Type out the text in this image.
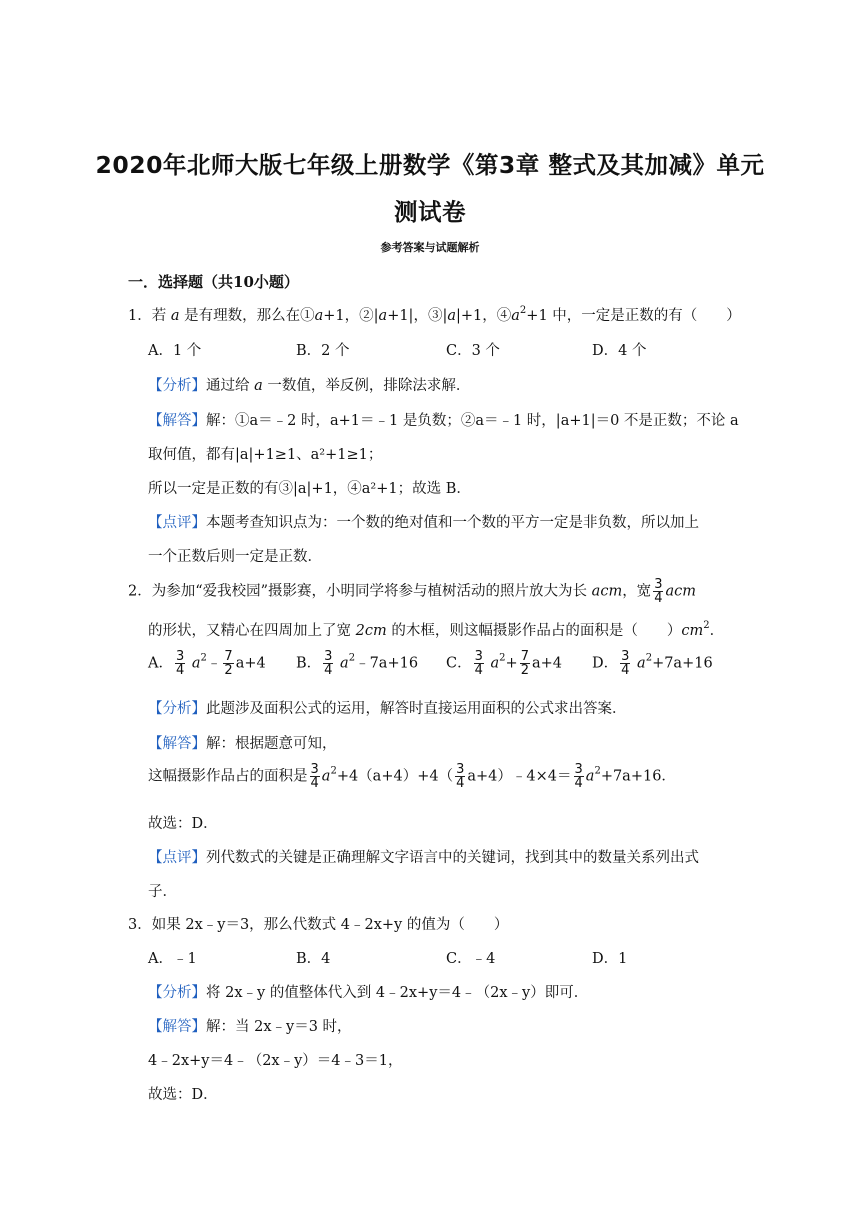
2020年北师大版七年级上册数学《第3章 整式及其加减》单元
测试卷
参考答案与试题解析
一．选择题（共10小题）
1．若 a 是有理数，那么在①a+1，②|a+1|，③|a|+1，$④a^2+1$ 中，一定是正数的有（　　）
A．1 个	B．2 个	C．3 个	D．4 个
【分析】通过给 a 一数值，举反例，排除法求解．
【解答】解：①a＝﹣2 时，a+1＝﹣1 是负数；②a＝﹣1 时，|a+1|＝0 不是正数；不论 a
取何值，都有|a|+1≥1、a²+1≥1；
所以一定是正数的有③|a|+1，④a²+1；故选 B．
【点评】本题考查知识点为：一个数的绝对值和一个数的平方一定是非负数，所以加上
一个正数后则一定是正数．
2．为参加“爱我校园”摄影赛，小明同学将参与植树活动的照片放大为长 acm，宽 $\frac{3}{4}$ acm
的形状，又精心在四周加上了宽 2cm 的木框，则这幅摄影作品占的面积是（　　）$cm^2$．
A． $\frac{3}{4}$ $a^2﹣ \frac{7}{2} a+4$ B． $\frac{3}{4}$ $a^2﹣7a+16$ C． $\frac{3}{4} a^2+ \frac{7}{2} a+4$ D． $\frac{3}{4} a^2+7a+16$
【分析】此题涉及面积公式的运用，解答时直接运用面积的公式求出答案．
【解答】解：根据题意可知，
这幅摄影作品占的面积是 $\frac{3}{4} a^2+4(a+4)+4( \frac{3}{4}$ a+4）﹣4×4＝ $\frac{3}{4} a^2+7a+16$．
故选：D．
【点评】列代数式的关键是正确理解文字语言中的关键词，找到其中的数量关系列出式
子．
3．如果 2x﹣y＝3，那么代数式 4﹣2x+y 的值为（　　）
A．﹣1	B．4	C．﹣4	D．1
【分析】将 2x﹣y 的值整体代入到 4﹣2x+y＝4﹣（2x﹣y）即可．
【解答】解：当 2x﹣y＝3 时，
4﹣2x+y＝4﹣（2x﹣y）＝4﹣3＝1，
故选：D．
